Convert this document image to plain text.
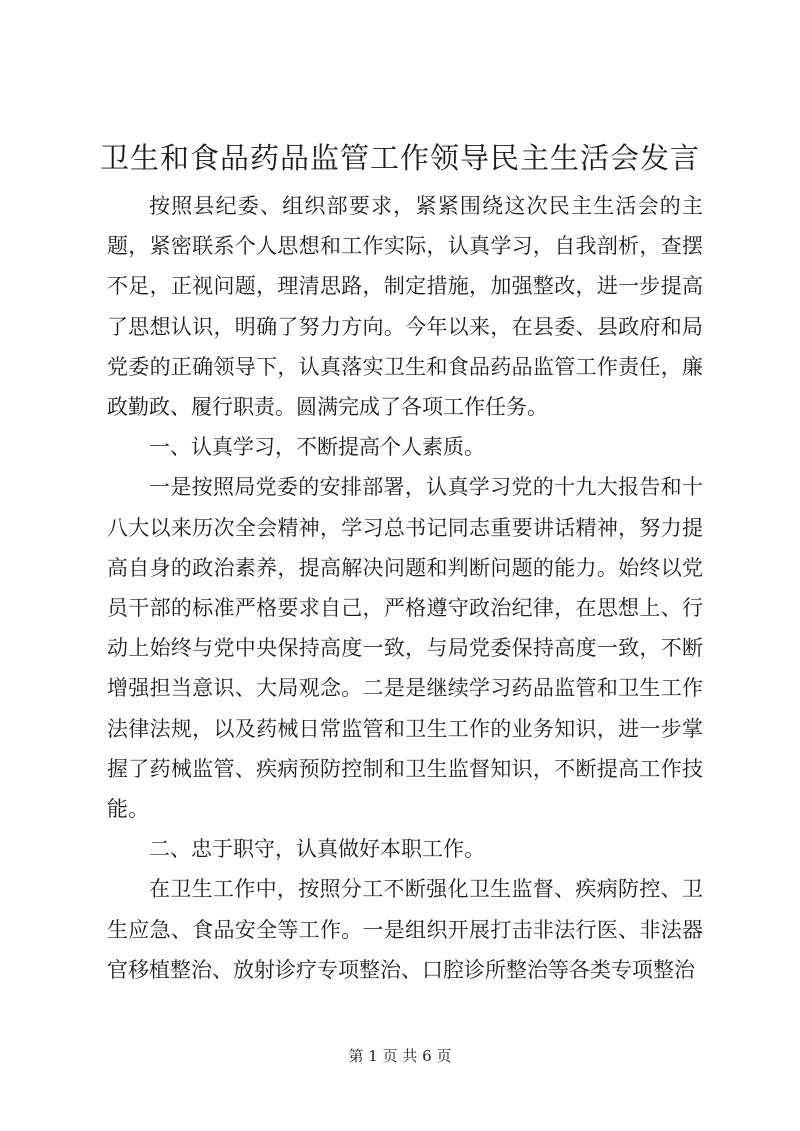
卫生和食品药品监管工作领导民主生活会发言

按照县纪委、组织部要求，紧紧围绕这次民主生活会的主题，紧密联系个人思想和工作实际，认真学习，自我剖析，查摆不足，正视问题，理清思路，制定措施，加强整改，进一步提高了思想认识，明确了努力方向。今年以来，在县委、县政府和局党委的正确领导下，认真落实卫生和食品药品监管工作责任，廉政勤政、履行职责。圆满完成了各项工作任务。

一、认真学习，不断提高个人素质。

一是按照局党委的安排部署，认真学习党的十九大报告和十八大以来历次全会精神，学习总书记同志重要讲话精神，努力提高自身的政治素养，提高解决问题和判断问题的能力。始终以党员干部的标准严格要求自己，严格遵守政治纪律，在思想上、行动上始终与党中央保持高度一致，与局党委保持高度一致，不断增强担当意识、大局观念。二是是继续学习药品监管和卫生工作法律法规，以及药械日常监管和卫生工作的业务知识，进一步掌握了药械监管、疾病预防控制和卫生监督知识，不断提高工作技能。

二、忠于职守，认真做好本职工作。

在卫生工作中，按照分工不断强化卫生监督、疾病防控、卫生应急、食品安全等工作。一是组织开展打击非法行医、非法器官移植整治、放射诊疗专项整治、口腔诊所整治等各类专项整治

第 1 页 共 6 页
